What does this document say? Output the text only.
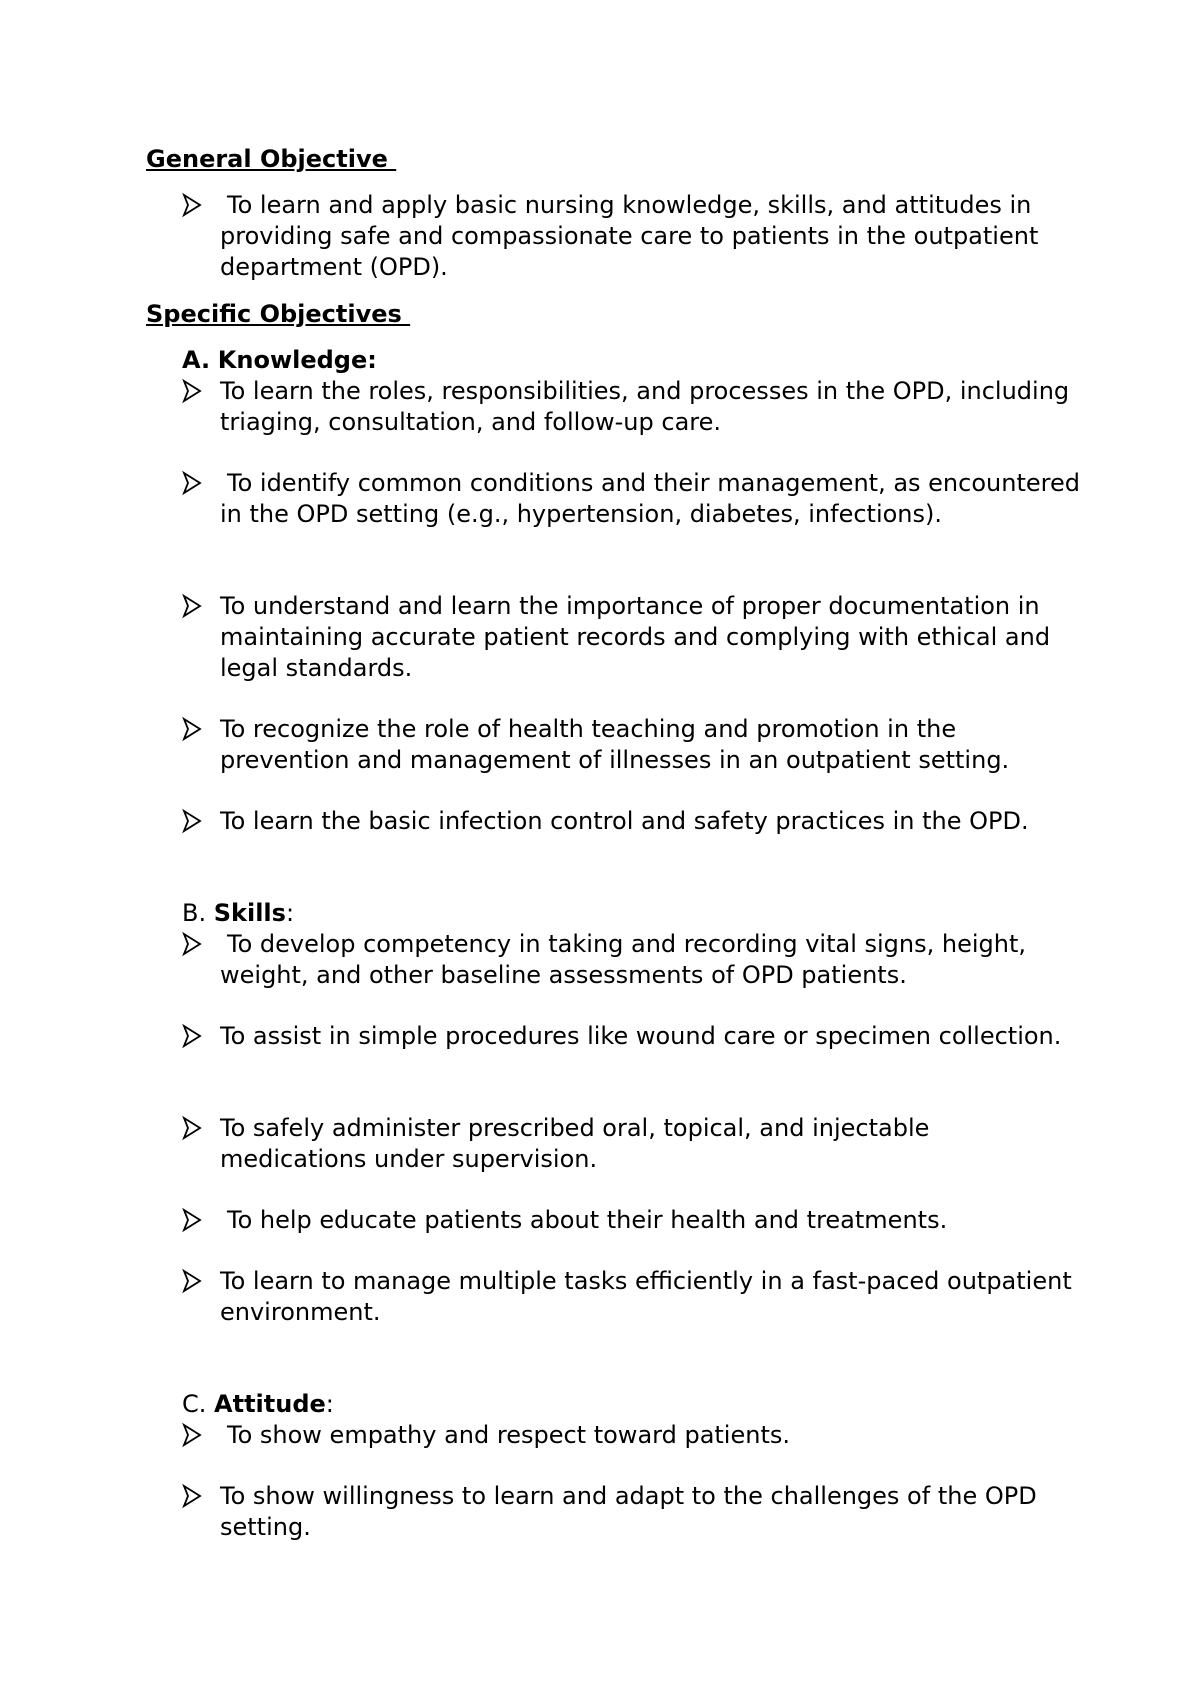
General Objective
To learn and apply basic nursing knowledge, skills, and attitudes in providing safe and compassionate care to patients in the outpatient department (OPD).
Specific Objectives

A. Knowledge:

To learn the roles, responsibilities, and processes in the OPD, including triaging, consultation, and follow-up care.
To identify common conditions and their management, as encountered in the OPD setting (e.g., hypertension, diabetes, infections).
To understand and learn the importance of proper documentation in maintaining accurate patient records and complying with ethical and legal standards.
To recognize the role of health teaching and promotion in the prevention and management of illnesses in an outpatient setting.
To learn the basic infection control and safety practices in the OPD.

B. Skills:

To develop competency in taking and recording vital signs, height, weight, and other baseline assessments of OPD patients.
To assist in simple procedures like wound care or specimen collection.
To safely administer prescribed oral, topical, and injectable medications under supervision.
To help educate patients about their health and treatments.
To learn to manage multiple tasks efficiently in a fast-paced outpatient environment.

C. Attitude:

To show empathy and respect toward patients.
To show willingness to learn and adapt to the challenges of the OPD setting.
